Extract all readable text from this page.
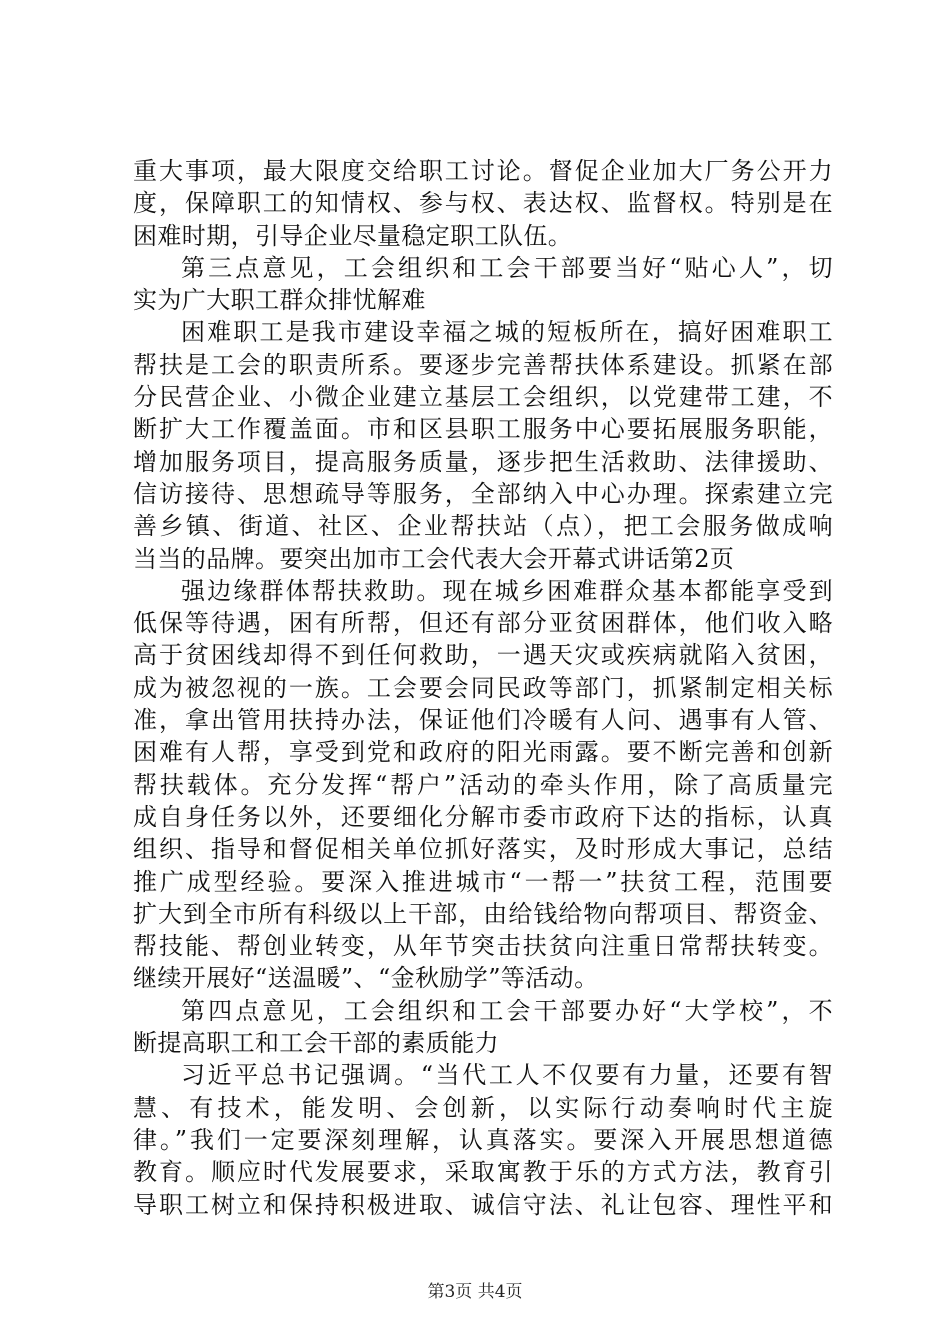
重大事项，最大限度交给职工讨论。督促企业加大厂务公开力
度，保障职工的知情权、参与权、表达权、监督权。特别是在
困难时期，引导企业尽量稳定职工队伍。
第三点意见，工会组织和工会干部要当好“贴心人”，切
实为广大职工群众排忧解难
困难职工是我市建设幸福之城的短板所在，搞好困难职工
帮扶是工会的职责所系。要逐步完善帮扶体系建设。抓紧在部
分民营企业、小微企业建立基层工会组织，以党建带工建，不
断扩大工作覆盖面。市和区县职工服务中心要拓展服务职能，
增加服务项目，提高服务质量，逐步把生活救助、法律援助、
信访接待、思想疏导等服务，全部纳入中心办理。探索建立完
善乡镇、街道、社区、企业帮扶站（点），把工会服务做成响
当当的品牌。要突出加市工会代表大会开幕式讲话第2页
强边缘群体帮扶救助。现在城乡困难群众基本都能享受到
低保等待遇，困有所帮，但还有部分亚贫困群体，他们收入略
高于贫困线却得不到任何救助，一遇天灾或疾病就陷入贫困，
成为被忽视的一族。工会要会同民政等部门，抓紧制定相关标
准，拿出管用扶持办法，保证他们冷暖有人问、遇事有人管、
困难有人帮，享受到党和政府的阳光雨露。要不断完善和创新
帮扶载体。充分发挥“帮户”活动的牵头作用，除了高质量完
成自身任务以外，还要细化分解市委市政府下达的指标，认真
组织、指导和督促相关单位抓好落实，及时形成大事记，总结
推广成型经验。要深入推进城市“一帮一”扶贫工程，范围要
扩大到全市所有科级以上干部，由给钱给物向帮项目、帮资金、
帮技能、帮创业转变，从年节突击扶贫向注重日常帮扶转变。
继续开展好“送温暖”、“金秋励学”等活动。
第四点意见，工会组织和工会干部要办好“大学校”，不
断提高职工和工会干部的素质能力
习近平总书记强调。“当代工人不仅要有力量，还要有智
慧、有技术，能发明、会创新，以实际行动奏响时代主旋
律。”我们一定要深刻理解，认真落实。要深入开展思想道德
教育。顺应时代发展要求，采取寓教于乐的方式方法，教育引
导职工树立和保持积极进取、诚信守法、礼让包容、理性平和
第3页 共4页
